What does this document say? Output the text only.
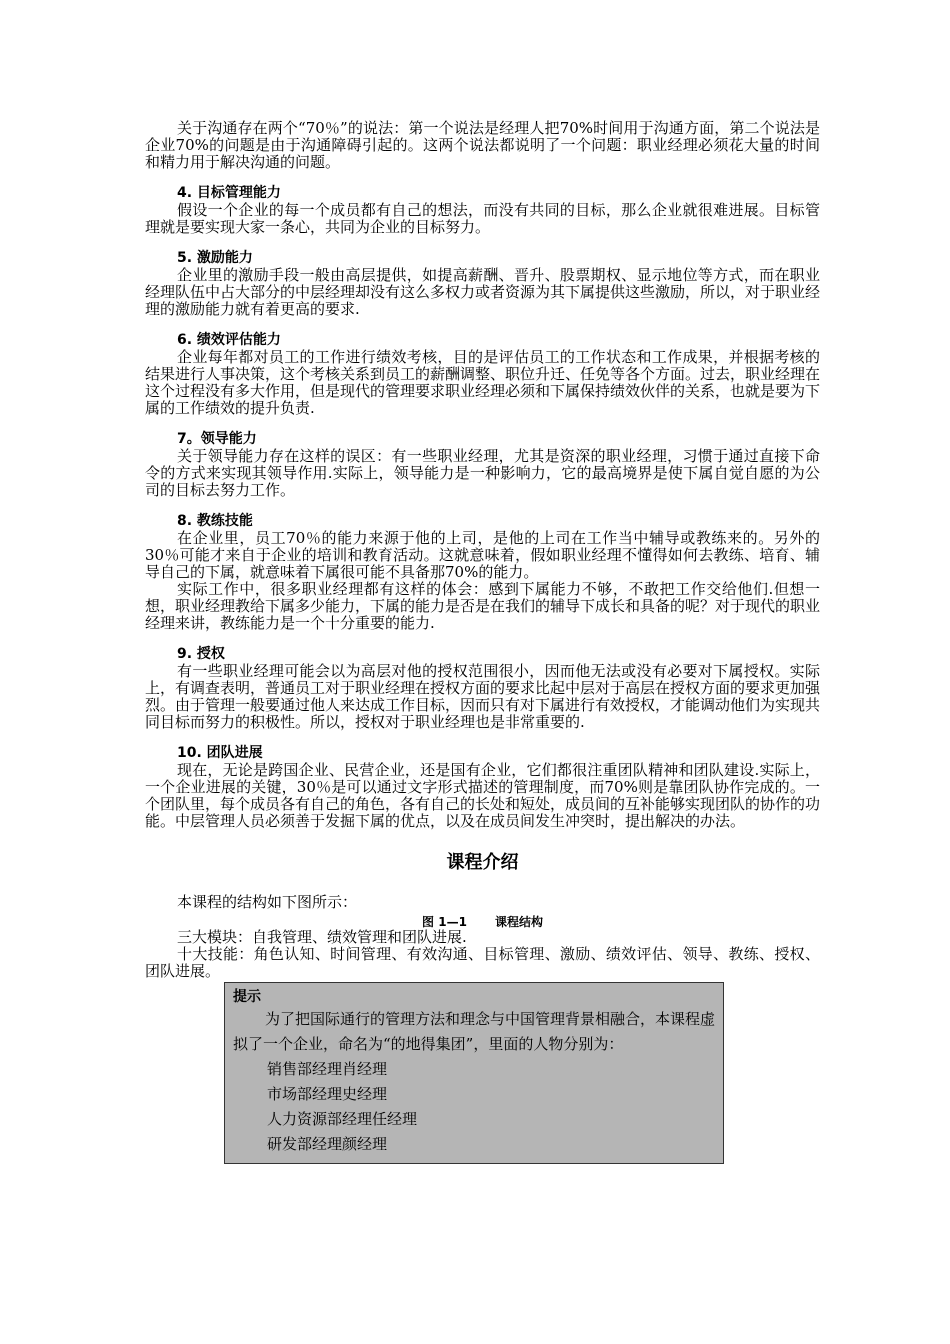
关于沟通存在两个“70％”的说法：第一个说法是经理人把70%时间用于沟通方面，第二个说法是企业70%的问题是由于沟通障碍引起的。这两个说法都说明了一个问题：职业经理必须花大量的时间和精力用于解决沟通的问题。

4. 目标管理能力

假设一个企业的每一个成员都有自己的想法，而没有共同的目标，那么企业就很难进展。目标管理就是要实现大家一条心，共同为企业的目标努力。

5. 激励能力

企业里的激励手段一般由高层提供，如提高薪酬、晋升、股票期权、显示地位等方式，而在职业经理队伍中占大部分的中层经理却没有这么多权力或者资源为其下属提供这些激励，所以，对于职业经理的激励能力就有着更高的要求.

6. 绩效评估能力

企业每年都对员工的工作进行绩效考核，目的是评估员工的工作状态和工作成果，并根据考核的结果进行人事决策，这个考核关系到员工的薪酬调整、职位升迁、任免等各个方面。过去，职业经理在这个过程没有多大作用，但是现代的管理要求职业经理必须和下属保持绩效伙伴的关系，也就是要为下属的工作绩效的提升负责.

7。领导能力

关于领导能力存在这样的误区：有一些职业经理，尤其是资深的职业经理，习惯于通过直接下命令的方式来实现其领导作用.实际上，领导能力是一种影响力，它的最高境界是使下属自觉自愿的为公司的目标去努力工作。

8. 教练技能

在企业里，员工70％的能力来源于他的上司，是他的上司在工作当中辅导或教练来的。另外的30％可能才来自于企业的培训和教育活动。这就意味着，假如职业经理不懂得如何去教练、培育、辅导自己的下属，就意味着下属很可能不具备那70%的能力。

实际工作中，很多职业经理都有这样的体会：感到下属能力不够，不敢把工作交给他们.但想一想，职业经理教给下属多少能力，下属的能力是否是在我们的辅导下成长和具备的呢？对于现代的职业经理来讲，教练能力是一个十分重要的能力.

9. 授权

有一些职业经理可能会以为高层对他的授权范围很小，因而他无法或没有必要对下属授权。实际上，有调查表明，普通员工对于职业经理在授权方面的要求比起中层对于高层在授权方面的要求更加强烈。由于管理一般要通过他人来达成工作目标，因而只有对下属进行有效授权，才能调动他们为实现共同目标而努力的积极性。所以，授权对于职业经理也是非常重要的.

10. 团队进展

现在，无论是跨国企业、民营企业，还是国有企业，它们都很注重团队精神和团队建设.实际上，一个企业进展的关键，30％是可以通过文字形式描述的管理制度，而70%则是靠团队协作完成的。一个团队里，每个成员各有自己的角色，各有自己的长处和短处，成员间的互补能够实现团队的协作的功能。中层管理人员必须善于发掘下属的优点，以及在成员间发生冲突时，提出解决的办法。

课程介绍

本课程的结构如下图所示：

图 1—1 课程结构

三大模块：自我管理、绩效管理和团队进展.

十大技能：角色认知、时间管理、有效沟通、目标管理、激励、绩效评估、领导、教练、授权、团队进展。

提示

为了把国际通行的管理方法和理念与中国管理背景相融合，本课程虚拟了一个企业，命名为“的地得集团”，里面的人物分别为：

销售部经理肖经理

市场部经理史经理

人力资源部经理任经理

研发部经理颜经理
